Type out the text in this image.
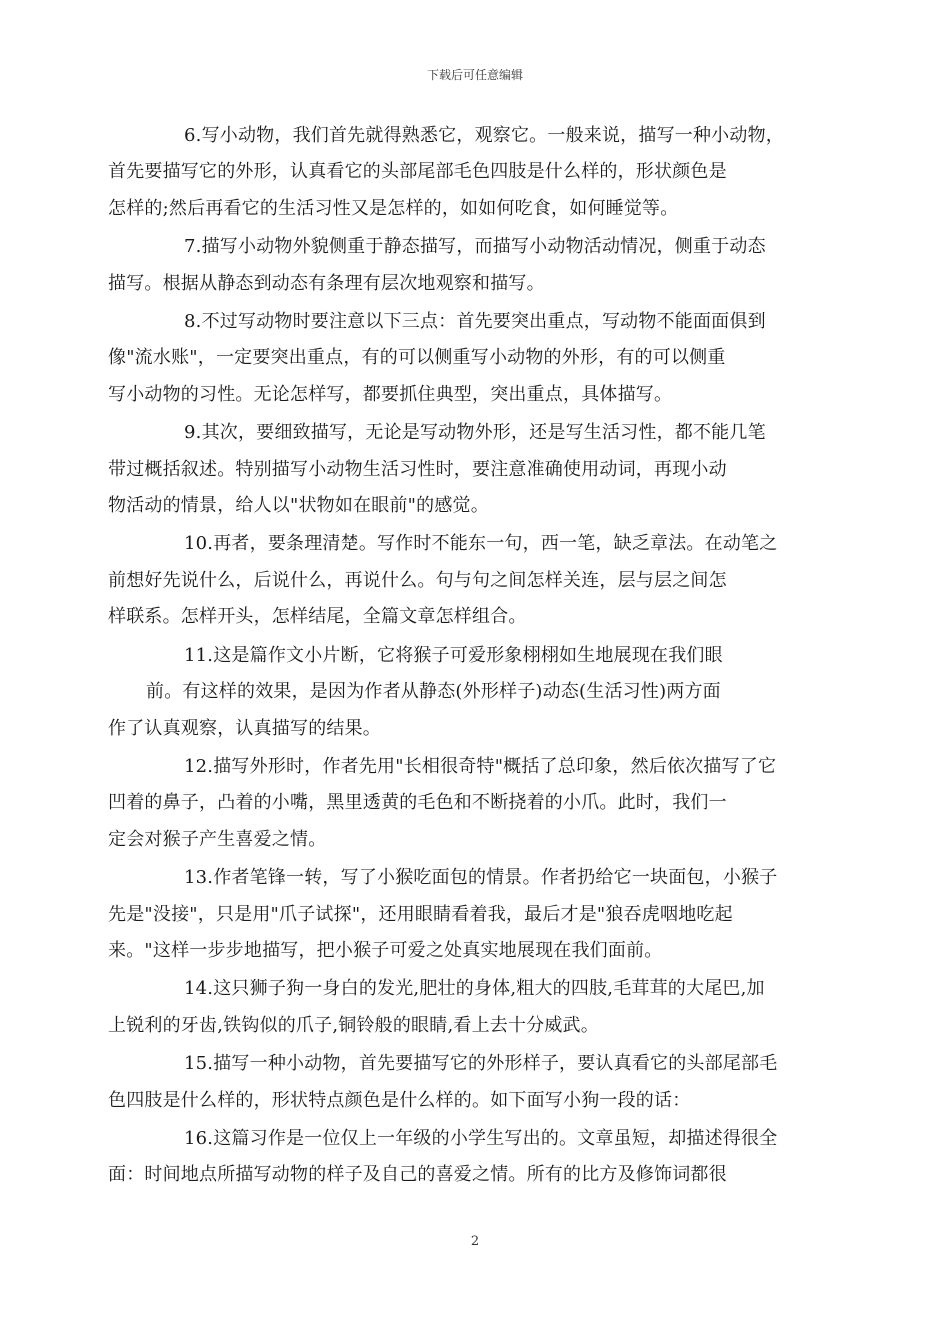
下载后可任意编辑

6.写小动物，我们首先就得熟悉它，观察它。一般来说，描写一种小动物，
首先要描写它的外形，认真看它的头部尾部毛色四肢是什么样的，形状颜色是
怎样的;然后再看它的生活习性又是怎样的，如如何吃食，如何睡觉等。

7.描写小动物外貌侧重于静态描写，而描写小动物活动情况，侧重于动态
描写。根据从静态到动态有条理有层次地观察和描写。

8.不过写动物时要注意以下三点：首先要突出重点，写动物不能面面俱到
像"流水账"，一定要突出重点，有的可以侧重写小动物的外形，有的可以侧重
写小动物的习性。无论怎样写，都要抓住典型，突出重点，具体描写。

9.其次，要细致描写，无论是写动物外形，还是写生活习性，都不能几笔
带过概括叙述。特别描写小动物生活习性时，要注意准确使用动词，再现小动
物活动的情景，给人以"状物如在眼前"的感觉。

10.再者，要条理清楚。写作时不能东一句，西一笔，缺乏章法。在动笔之
前想好先说什么，后说什么，再说什么。句与句之间怎样关连，层与层之间怎
样联系。怎样开头，怎样结尾，全篇文章怎样组合。

11.这是篇作文小片断，它将猴子可爱形象栩栩如生地展现在我们眼
前。有这样的效果，是因为作者从静态(外形样子)动态(生活习性)两方面
作了认真观察，认真描写的结果。

12.描写外形时，作者先用"长相很奇特"概括了总印象，然后依次描写了它
凹着的鼻子，凸着的小嘴，黑里透黄的毛色和不断挠着的小爪。此时，我们一
定会对猴子产生喜爱之情。

13.作者笔锋一转，写了小猴吃面包的情景。作者扔给它一块面包，小猴子
先是"没接"，只是用"爪子试探"，还用眼睛看着我，最后才是"狼吞虎咽地吃起
来。"这样一步步地描写，把小猴子可爱之处真实地展现在我们面前。

14.这只狮子狗一身白的发光,肥壮的身体,粗大的四肢,毛茸茸的大尾巴,加
上锐利的牙齿,铁钩似的爪子,铜铃般的眼睛,看上去十分威武。

15.描写一种小动物，首先要描写它的外形样子，要认真看它的头部尾部毛
色四肢是什么样的，形状特点颜色是什么样的。如下面写小狗一段的话：

16.这篇习作是一位仅上一年级的小学生写出的。文章虽短，却描述得很全
面：时间地点所描写动物的样子及自己的喜爱之情。所有的比方及修饰词都很

2
